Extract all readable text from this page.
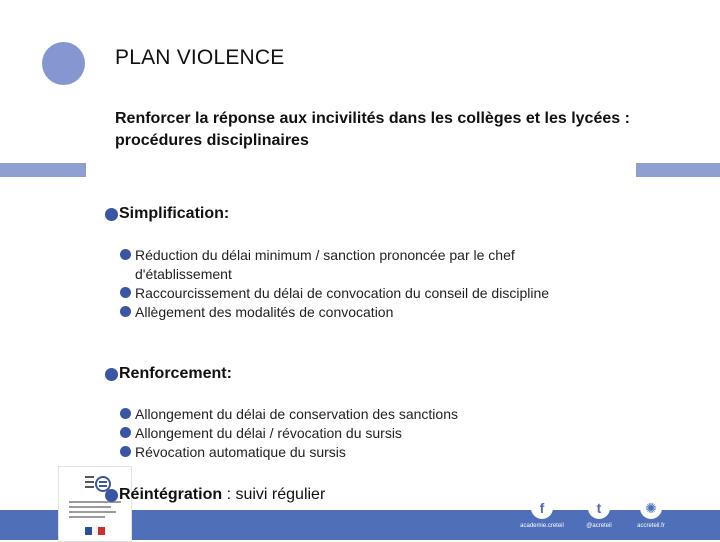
PLAN VIOLENCE
Renforcer la réponse aux incivilités dans les collèges et les lycées : procédures disciplinaires
Simplification:
Réduction du délai minimum / sanction prononcée par le chef d'établissement
Raccourcissement du délai de convocation du conseil de discipline
Allègement des modalités de convocation
Renforcement:
Allongement du délai de conservation des sanctions
Allongement du délai / révocation du sursis
Révocation automatique du sursis
Réintégration : suivi régulier
f
academie.creteil
t
@acreteil
✺
accreteil.fr
